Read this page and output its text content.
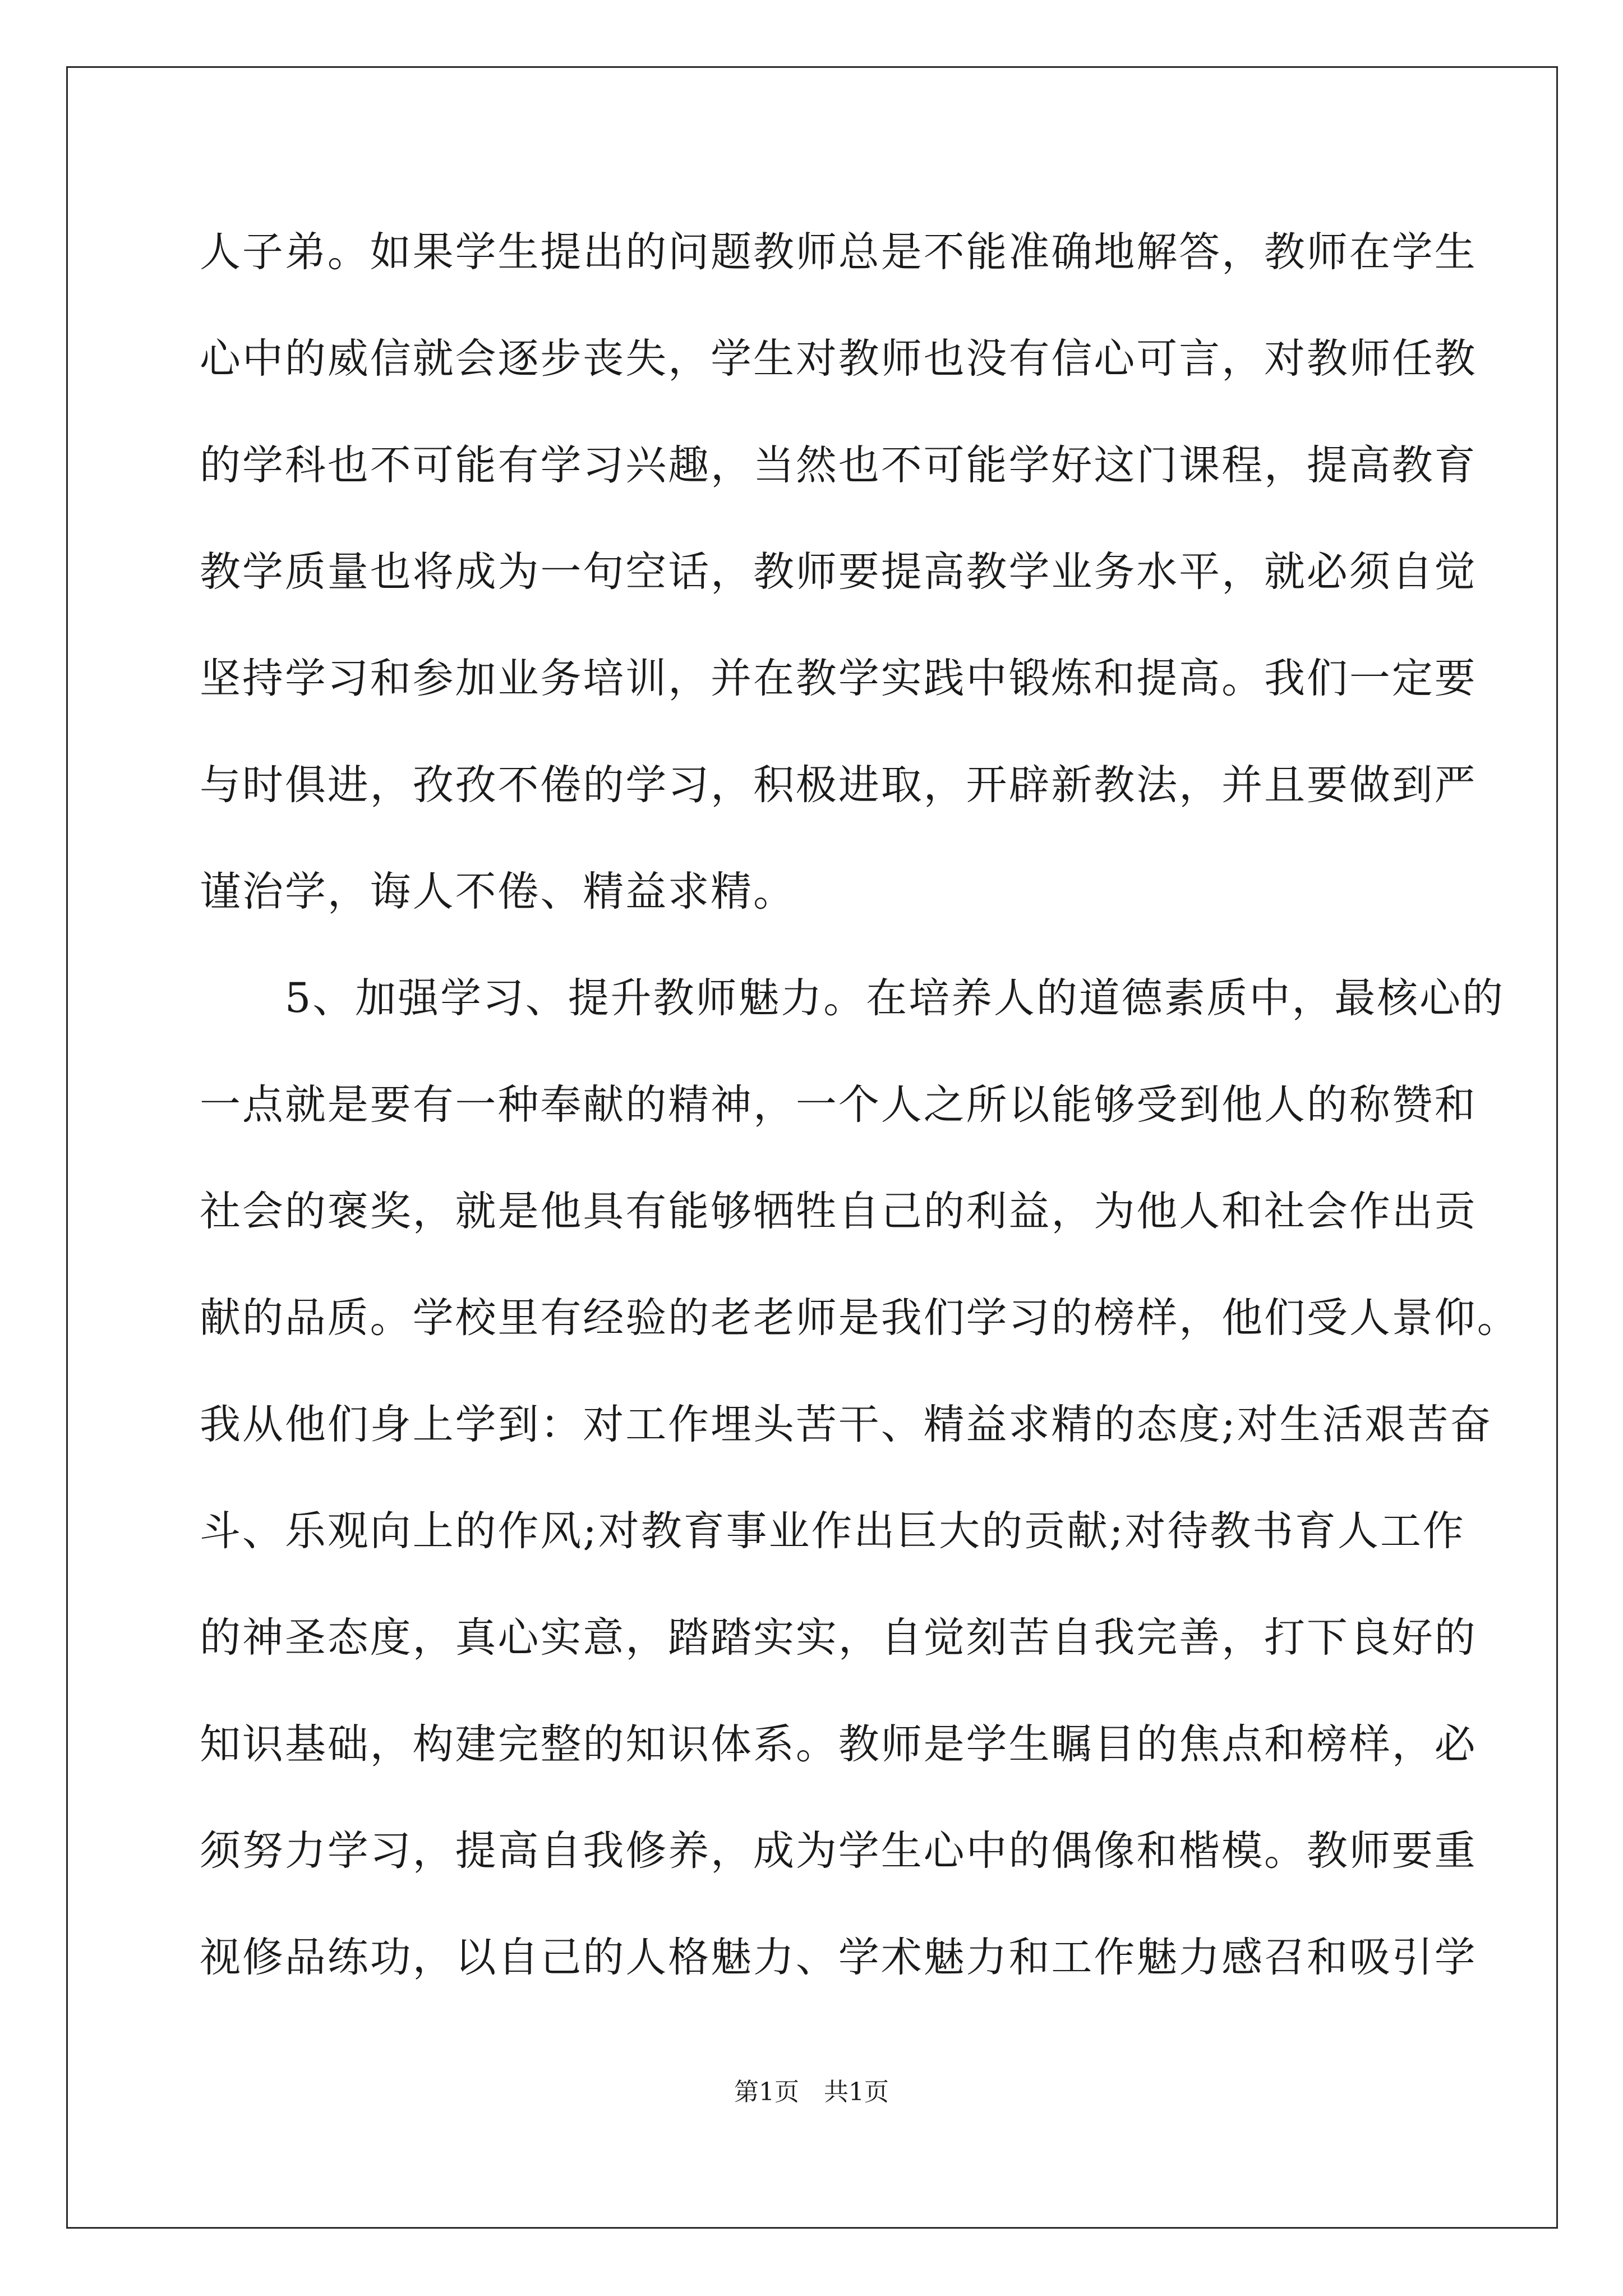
人子弟。如果学生提出的问题教师总是不能准确地解答，教师在学生
心中的威信就会逐步丧失，学生对教师也没有信心可言，对教师任教
的学科也不可能有学习兴趣，当然也不可能学好这门课程，提高教育
教学质量也将成为一句空话，教师要提高教学业务水平，就必须自觉
坚持学习和参加业务培训，并在教学实践中锻炼和提高。我们一定要
与时俱进，孜孜不倦的学习，积极进取，开辟新教法，并且要做到严
谨治学，诲人不倦、精益求精。
　　5、加强学习、提升教师魅力。在培养人的道德素质中，最核心的
一点就是要有一种奉献的精神，一个人之所以能够受到他人的称赞和
社会的褒奖，就是他具有能够牺牲自己的利益，为他人和社会作出贡
献的品质。学校里有经验的老老师是我们学习的榜样，他们受人景仰。
我从他们身上学到：对工作埋头苦干、精益求精的态度;对生活艰苦奋
斗、乐观向上的作风;对教育事业作出巨大的贡献;对待教书育人工作
的神圣态度，真心实意，踏踏实实，自觉刻苦自我完善，打下良好的
知识基础，构建完整的知识体系。教师是学生瞩目的焦点和榜样，必
须努力学习，提高自我修养，成为学生心中的偶像和楷模。教师要重
视修品练功，以自己的人格魅力、学术魅力和工作魅力感召和吸引学
第1页　共1页
